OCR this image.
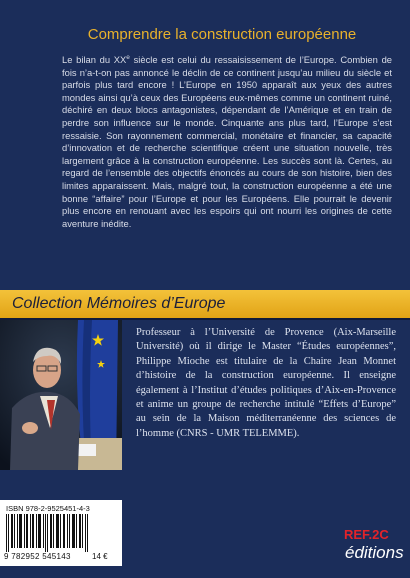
Comprendre la construction européenne

Le bilan du XXe siècle est celui du ressaisissement de l’Europe. Combien de fois n’a-t-on pas annoncé le déclin de ce continent jusqu’au milieu du siècle et parfois plus tard encore ! L’Europe en 1950 apparaît aux yeux des autres mondes ainsi qu’à ceux des Européens eux-mêmes comme un continent ruiné, déchiré en deux blocs antagonistes, dépendant de l’Amérique et en train de perdre son influence sur le monde. Cinquante ans plus tard, l’Europe s’est ressaisie. Son rayonnement commercial, monétaire et financier, sa capacité d’innovation et de recherche scientifique créent une situation nouvelle, très largement grâce à la construction européenne. Les succès sont là. Certes, au regard de l’ensemble des objectifs énoncés au cours de son histoire, bien des limites apparaissent. Mais, malgré tout, la construction européenne a été une bonne “affaire” pour l’Europe et pour les Européens. Elle pourrait le devenir plus encore en renouant avec les espoirs qui ont nourri les origines de cette aventure inédite.

Collection Mémoires d’Europe

Professeur à l’Université de Provence (Aix-Marseille Université) où il dirige le Master “Études européennes”, Philippe Mioche est titulaire de la Chaire Jean Monnet d’histoire de la construction européenne. Il enseigne également à l’Institut d’études politiques d’Aix-en-Provence et anime un groupe de recherche intitulé “Effets d’Europe” au sein de la Maison méditerranéenne des sciences de l’homme (CNRS - UMR TELEMME).

ISBN 978-2-9525451-4-3
9 782952 545143	14 €
REF.2C
éditions
